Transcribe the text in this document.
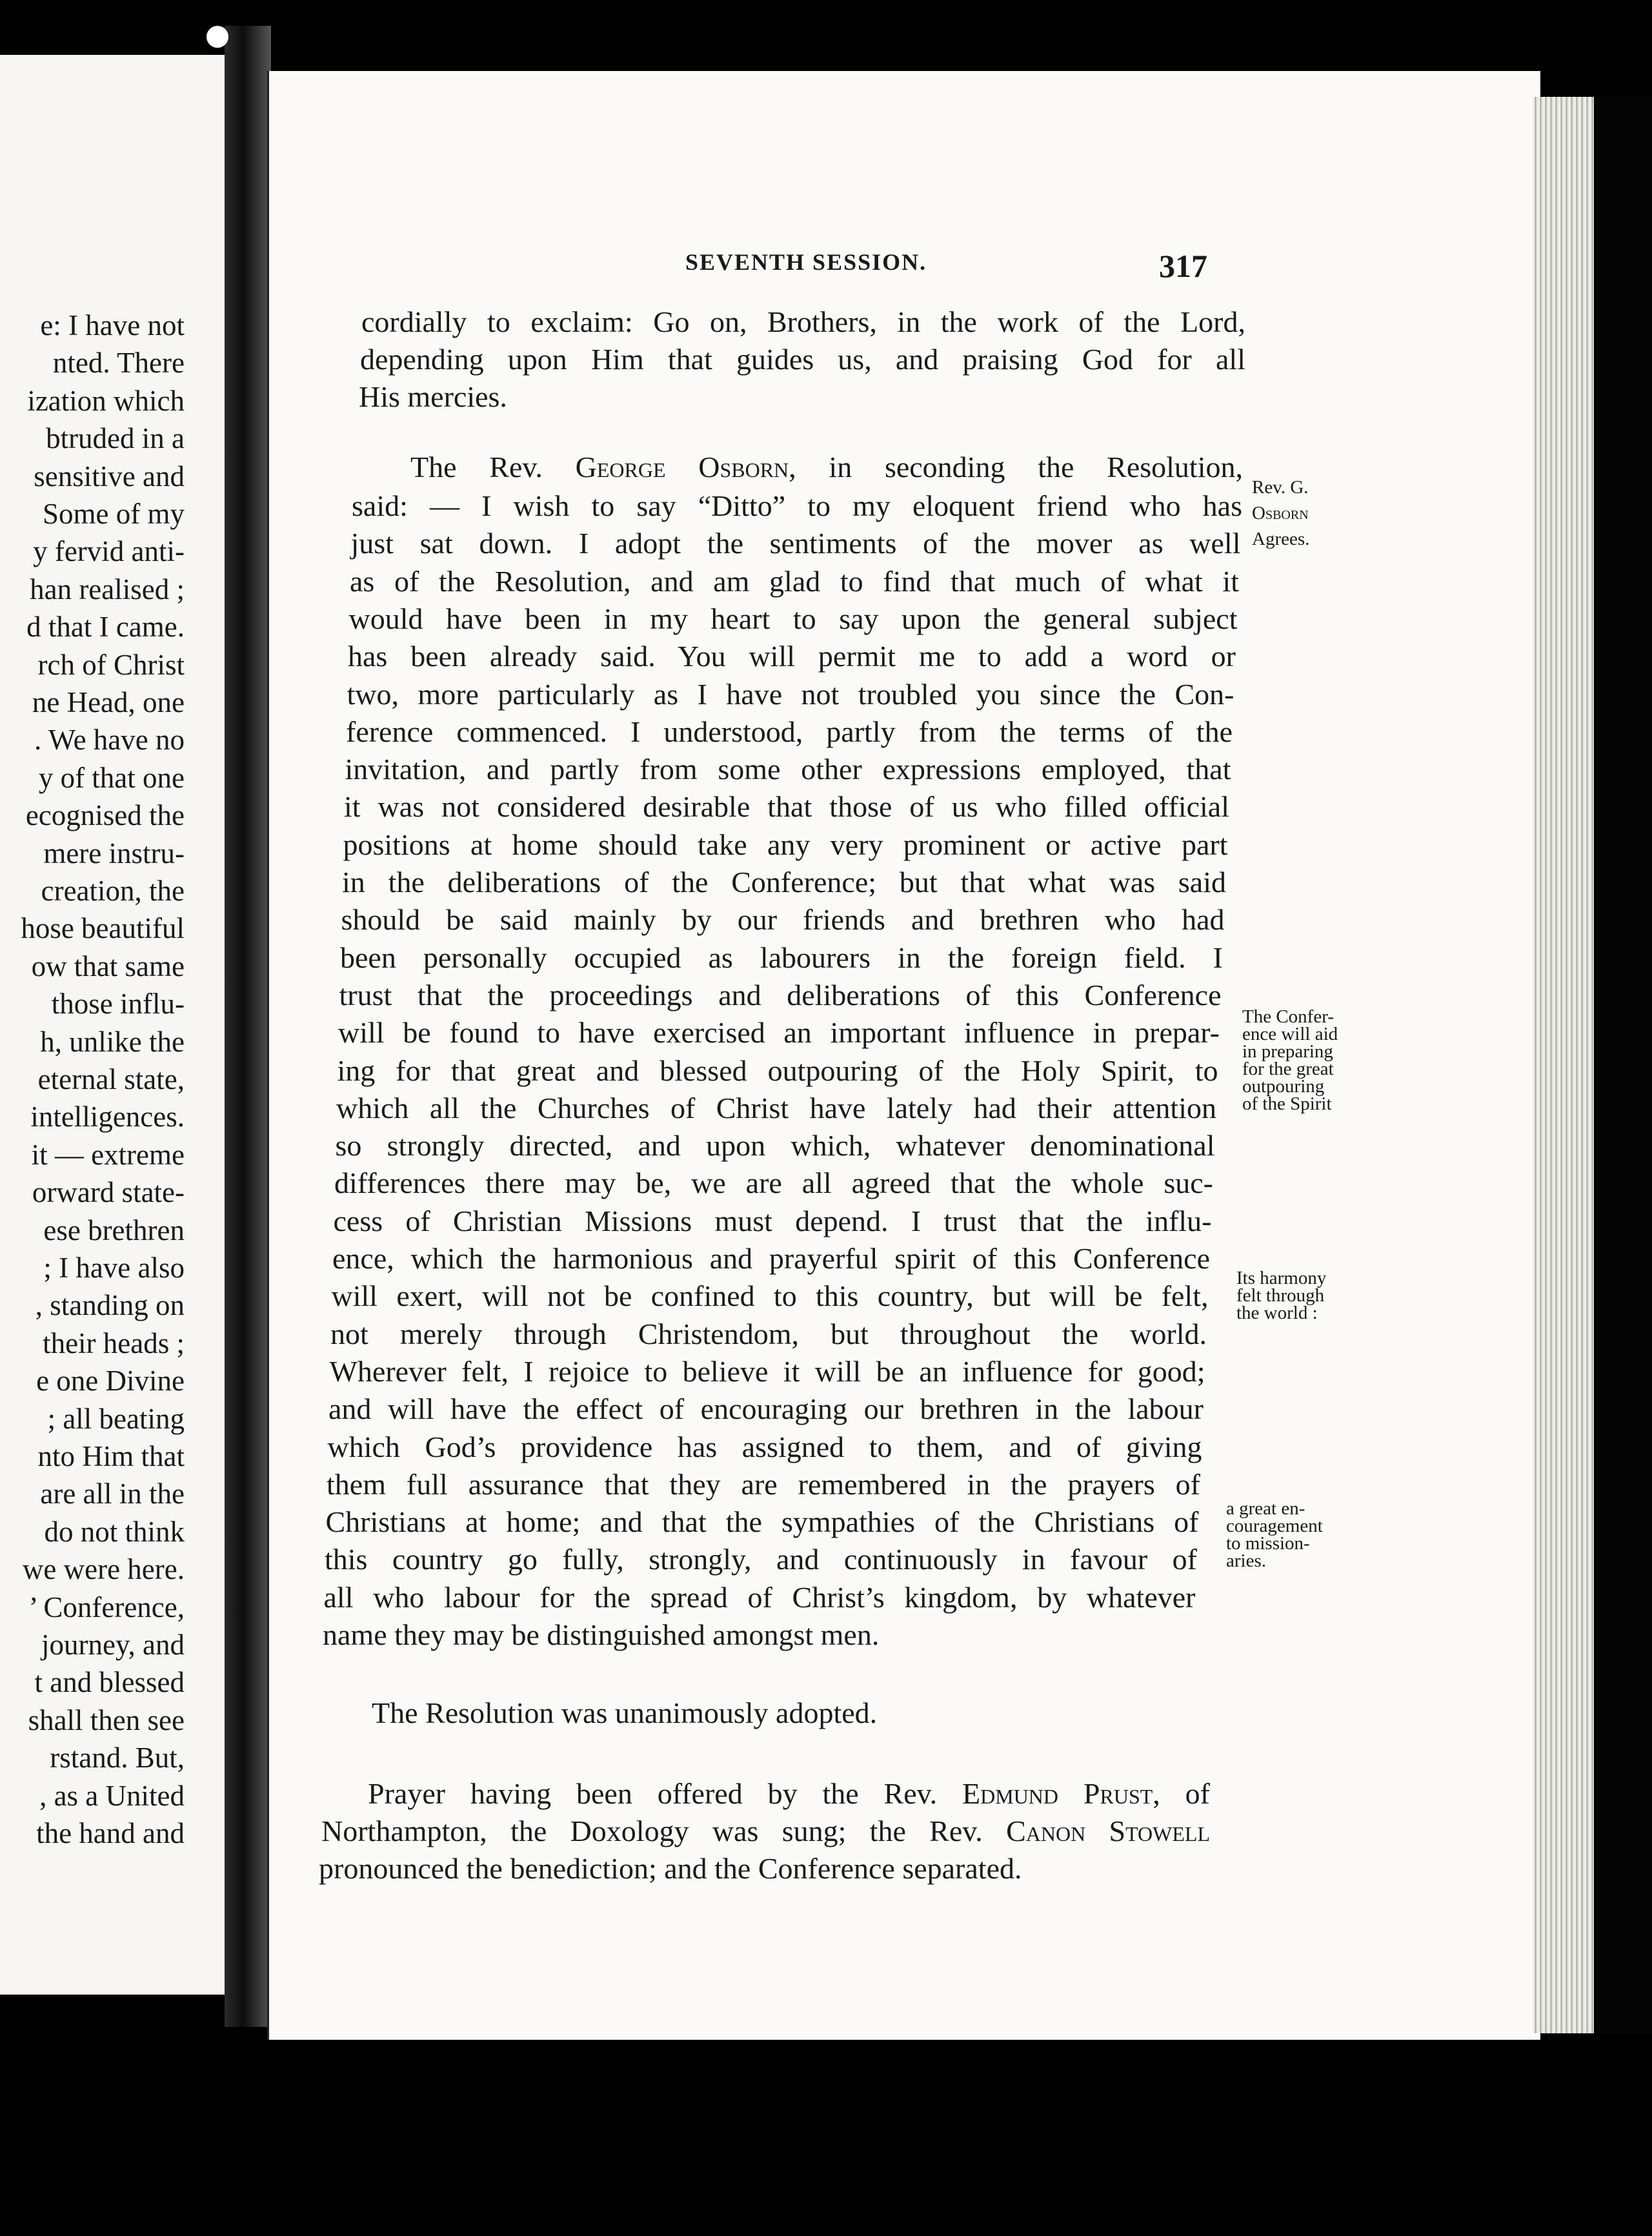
e: I have not
nted. There
ization which
btruded in a
sensitive and
Some of my
y fervid anti-
han realised ;
d that I came.
rch of Christ
ne Head, one
. We have no
y of that one
ecognised the
mere instru-
creation, the
hose beautiful
ow that same
those influ-
h, unlike the
eternal state,
intelligences.
it — extreme
orward state-
ese brethren
; I have also
, standing on
their heads ;
e one Divine
; all beating
nto Him that
are all in the
do not think
we were here.
’ Conference,
journey, and
t and blessed
shall then see
rstand. But,
, as a United
the hand and
SEVENTH SESSION.	317
cordially to exclaim: Go on, Brothers, in the work of the Lord,
depending upon Him that guides us, and praising God for all
His mercies.
The Rev. George Osborn, in seconding the Resolution,
said: — I wish to say “Ditto” to my eloquent friend who has
just sat down. I adopt the sentiments of the mover as well
as of the Resolution, and am glad to find that much of what it
would have been in my heart to say upon the general subject
has been already said. You will permit me to add a word or
two, more particularly as I have not troubled you since the Con-
ference commenced. I understood, partly from the terms of the
invitation, and partly from some other expressions employed, that
it was not considered desirable that those of us who filled official
positions at home should take any very prominent or active part
in the deliberations of the Conference; but that what was said
should be said mainly by our friends and brethren who had
been personally occupied as labourers in the foreign field. I
trust that the proceedings and deliberations of this Conference
will be found to have exercised an important influence in prepar-
ing for that great and blessed outpouring of the Holy Spirit, to
which all the Churches of Christ have lately had their attention
so strongly directed, and upon which, whatever denominational
differences there may be, we are all agreed that the whole suc-
cess of Christian Missions must depend. I trust that the influ-
ence, which the harmonious and prayerful spirit of this Conference
will exert, will not be confined to this country, but will be felt,
not merely through Christendom, but throughout the world.
Wherever felt, I rejoice to believe it will be an influence for good;
and will have the effect of encouraging our brethren in the labour
which God’s providence has assigned to them, and of giving
them full assurance that they are remembered in the prayers of
Christians at home; and that the sympathies of the Christians of
this country go fully, strongly, and continuously in favour of
all who labour for the spread of Christ’s kingdom, by whatever
name they may be distinguished amongst men.
The Resolution was unanimously adopted.
Prayer having been offered by the Rev. Edmund Prust, of
Northampton, the Doxology was sung; the Rev. Canon Stowell
pronounced the benediction; and the Conference separated.
Rev. G.
Osborn
Agrees.
The Confer-
ence will aid
in preparing
for the great
outpouring
of the Spirit
Its harmony
felt through
the world :
a great en-
couragement
to mission-
aries.
